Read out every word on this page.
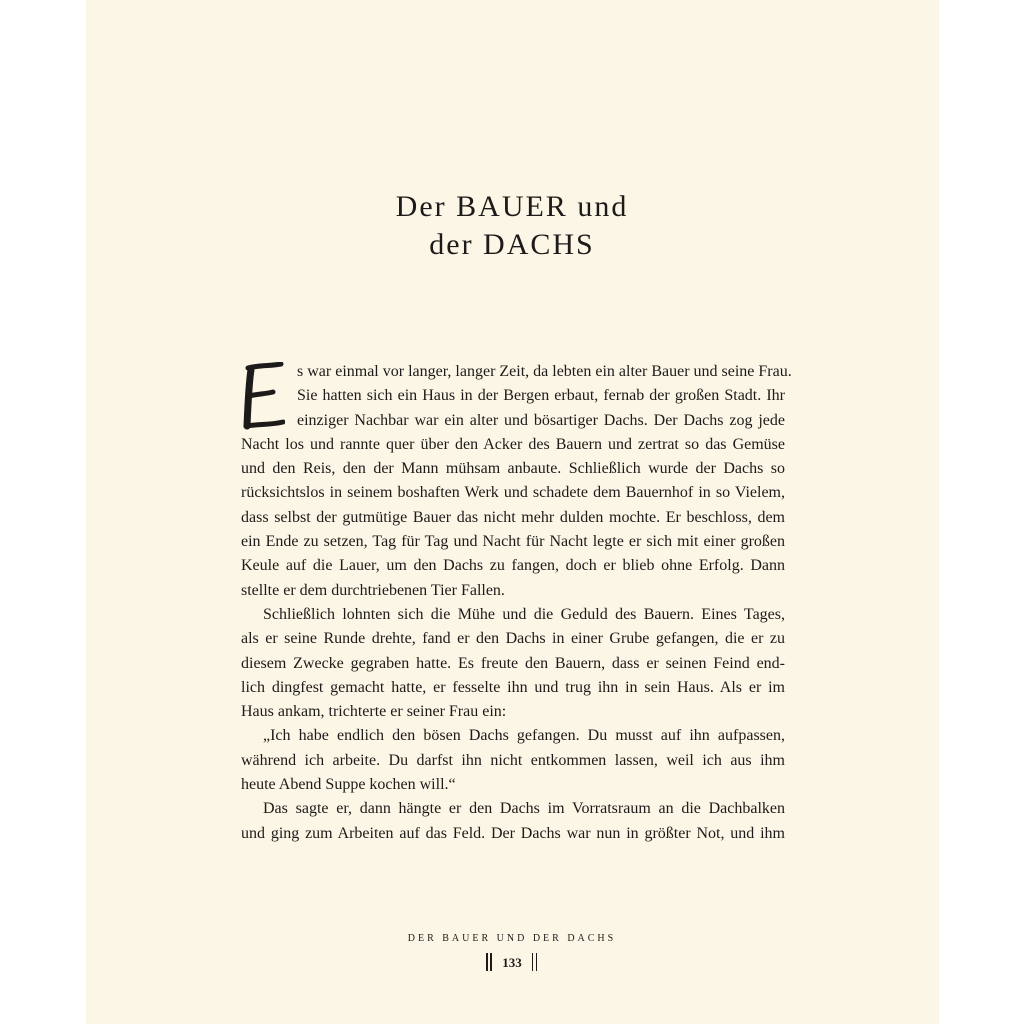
Der BAUER und
der DACHS
s war einmal vor langer, langer Zeit, da lebten ein alter Bauer und seine Frau.
Sie hatten sich ein Haus in der Bergen erbaut, fernab der großen Stadt. Ihr
einziger Nachbar war ein alter und bösartiger Dachs. Der Dachs zog jede
Nacht los und rannte quer über den Acker des Bauern und zertrat so das Gemüse
und den Reis, den der Mann mühsam anbaute. Schließlich wurde der Dachs so
rücksichtslos in seinem boshaften Werk und schadete dem Bauernhof in so Vielem,
dass selbst der gutmütige Bauer das nicht mehr dulden mochte. Er beschloss, dem
ein Ende zu setzen, Tag für Tag und Nacht für Nacht legte er sich mit einer großen
Keule auf die Lauer, um den Dachs zu fangen, doch er blieb ohne Erfolg. Dann
stellte er dem durchtriebenen Tier Fallen.
Schließlich lohnten sich die Mühe und die Geduld des Bauern. Eines Tages,
als er seine Runde drehte, fand er den Dachs in einer Grube gefangen, die er zu
diesem Zwecke gegraben hatte. Es freute den Bauern, dass er seinen Feind end-
lich dingfest gemacht hatte, er fesselte ihn und trug ihn in sein Haus. Als er im
Haus ankam, trichterte er seiner Frau ein:
„Ich habe endlich den bösen Dachs gefangen. Du musst auf ihn aufpassen,
während ich arbeite. Du darfst ihn nicht entkommen lassen, weil ich aus ihm
heute Abend Suppe kochen will.“
Das sagte er, dann hängte er den Dachs im Vorratsraum an die Dachbalken
und ging zum Arbeiten auf das Feld. Der Dachs war nun in größter Not, und ihm
DER BAUER UND DER DACHS
133
